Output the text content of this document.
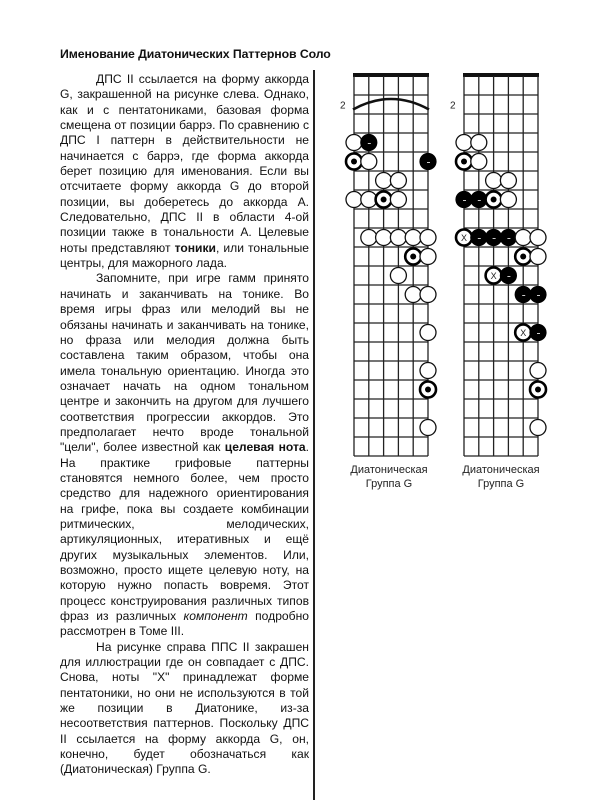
Именование Диатонических Паттернов Соло

ДПС II ссылается на форму аккорда G, закрашенной на рисунке слева. Однако, как и с пентатониками, базовая форма смещена от позиции баррэ. По сравнению с ДПС I паттерн в действительности не начинается с баррэ, где форма аккорда берет позицию для именования. Если вы отсчитаете форму аккорда G до второй позиции, вы доберетесь до аккорда A. Следовательно, ДПС II в области 4-ой позиции также в тональности A. Целевые ноты представляют тоники, или тональные центры, для мажорного лада.

Запомните, при игре гамм принято начинать и заканчивать на тонике. Во время игры фраз или мелодий вы не обязаны начинать и заканчивать на тонике, но фраза или мелодия должна быть составлена таким образом, чтобы она имела тональную ориентацию. Иногда это означает начать на одном тональном центре и закончить на другом для лучшего соответствия прогрессии аккордов. Это предполагает нечто вроде тональной "цели", более известной как целевая нота. На практике грифовые паттерны становятся немного более, чем просто средство для надежного ориентирования на грифе, пока вы создаете комбинации ритмических, мелодических, артикуляционных, итеративных и ещё других музыкальных элементов. Или, возможно, просто ищете целевую ноту, на которую нужно попасть вовремя. Этот процесс конструирования различных типов фраз из различных компонент подробно рассмотрен в Томе III.

На рисунке справа ППС II закрашен для иллюстрации где он совпадает с ДПС. Снова, ноты "X" принадлежат форме пентатоники, но они не используются в той же позиции в Диатонике, из-за несоответствия паттернов. Поскольку ДПС II ссылается на форму аккорда G, он, конечно, будет обозначаться как (Диатоническая) Группа G.

2
Диатоническая
Группа G
2
X
X
X
Диатоническая
Группа G
